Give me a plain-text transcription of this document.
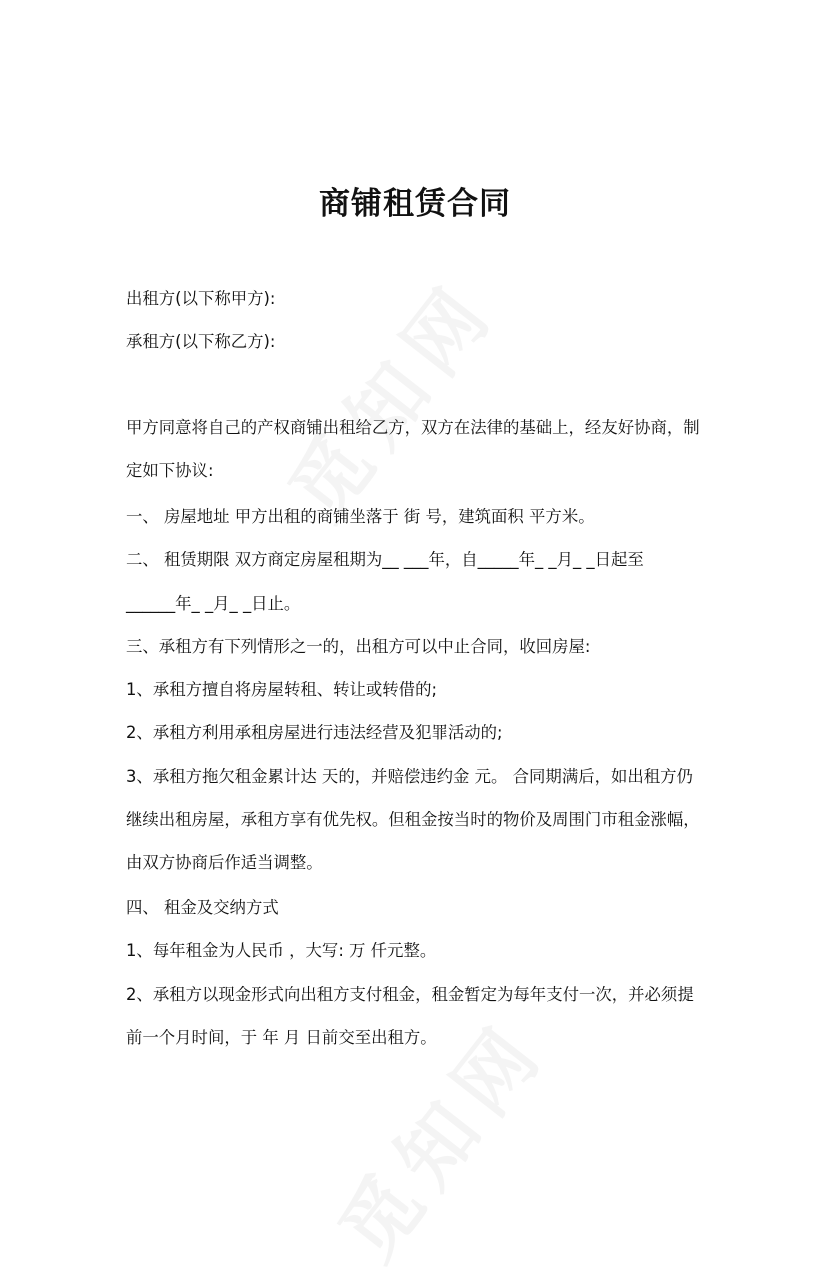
商铺租赁合同

出租方(以下称甲方):

承租方(以下称乙方):

甲方同意将自己的产权商铺出租给乙方，双方在法律的基础上，经友好协商，制

定如下协议:

一、 房屋地址 甲方出租的商铺坐落于 街 号，建筑面积 平方米。

二、 租赁期限 双方商定房屋租期为__ ___年，自_____年_ _月_ _日起至

______年_ _月_ _日止。

三、承租方有下列情形之一的，出租方可以中止合同，收回房屋:

1、承租方擅自将房屋转租、转让或转借的;

2、承租方利用承租房屋进行违法经营及犯罪活动的;

3、承租方拖欠租金累计达 天的，并赔偿违约金 元。 合同期满后，如出租方仍

继续出租房屋，承租方享有优先权。但租金按当时的物价及周围门市租金涨幅，

由双方协商后作适当调整。

四、 租金及交纳方式

1、每年租金为人民币 ，大写: 万 仟元整。

2、承租方以现金形式向出租方支付租金，租金暂定为每年支付一次，并必须提

前一个月时间，于 年 月 日前交至出租方。
